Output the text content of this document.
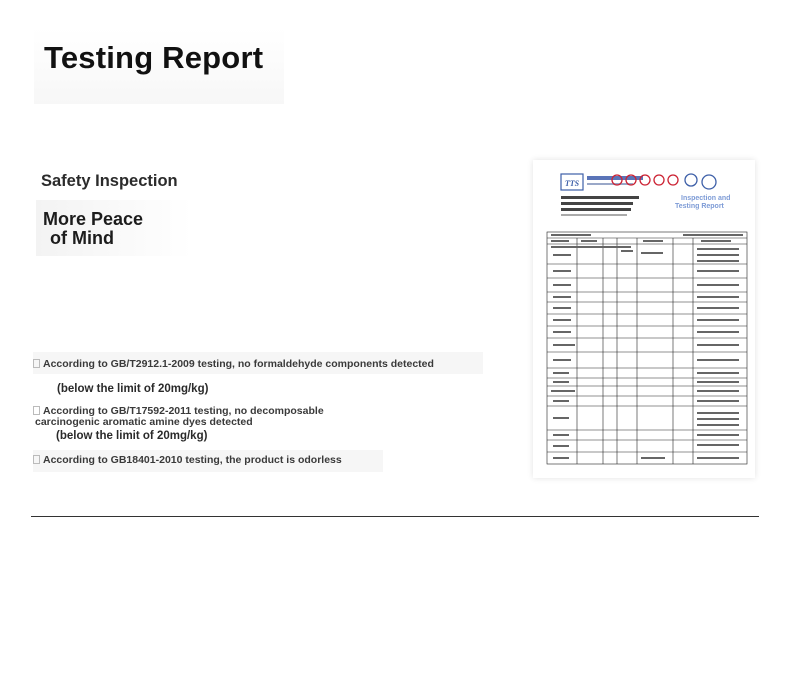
Testing Report
Safety Inspection
More Peace
of Mind
According to GB/T2912.1-2009 testing, no formaldehyde components detected
(below the limit of 20mg/kg)
According to GB/T17592-2011 testing, no decomposable
carcinogenic aromatic amine dyes detected
(below the limit of 20mg/kg)
According to GB18401-2010 testing, the product is odorless
TTS
Inspection and
Testing Report
